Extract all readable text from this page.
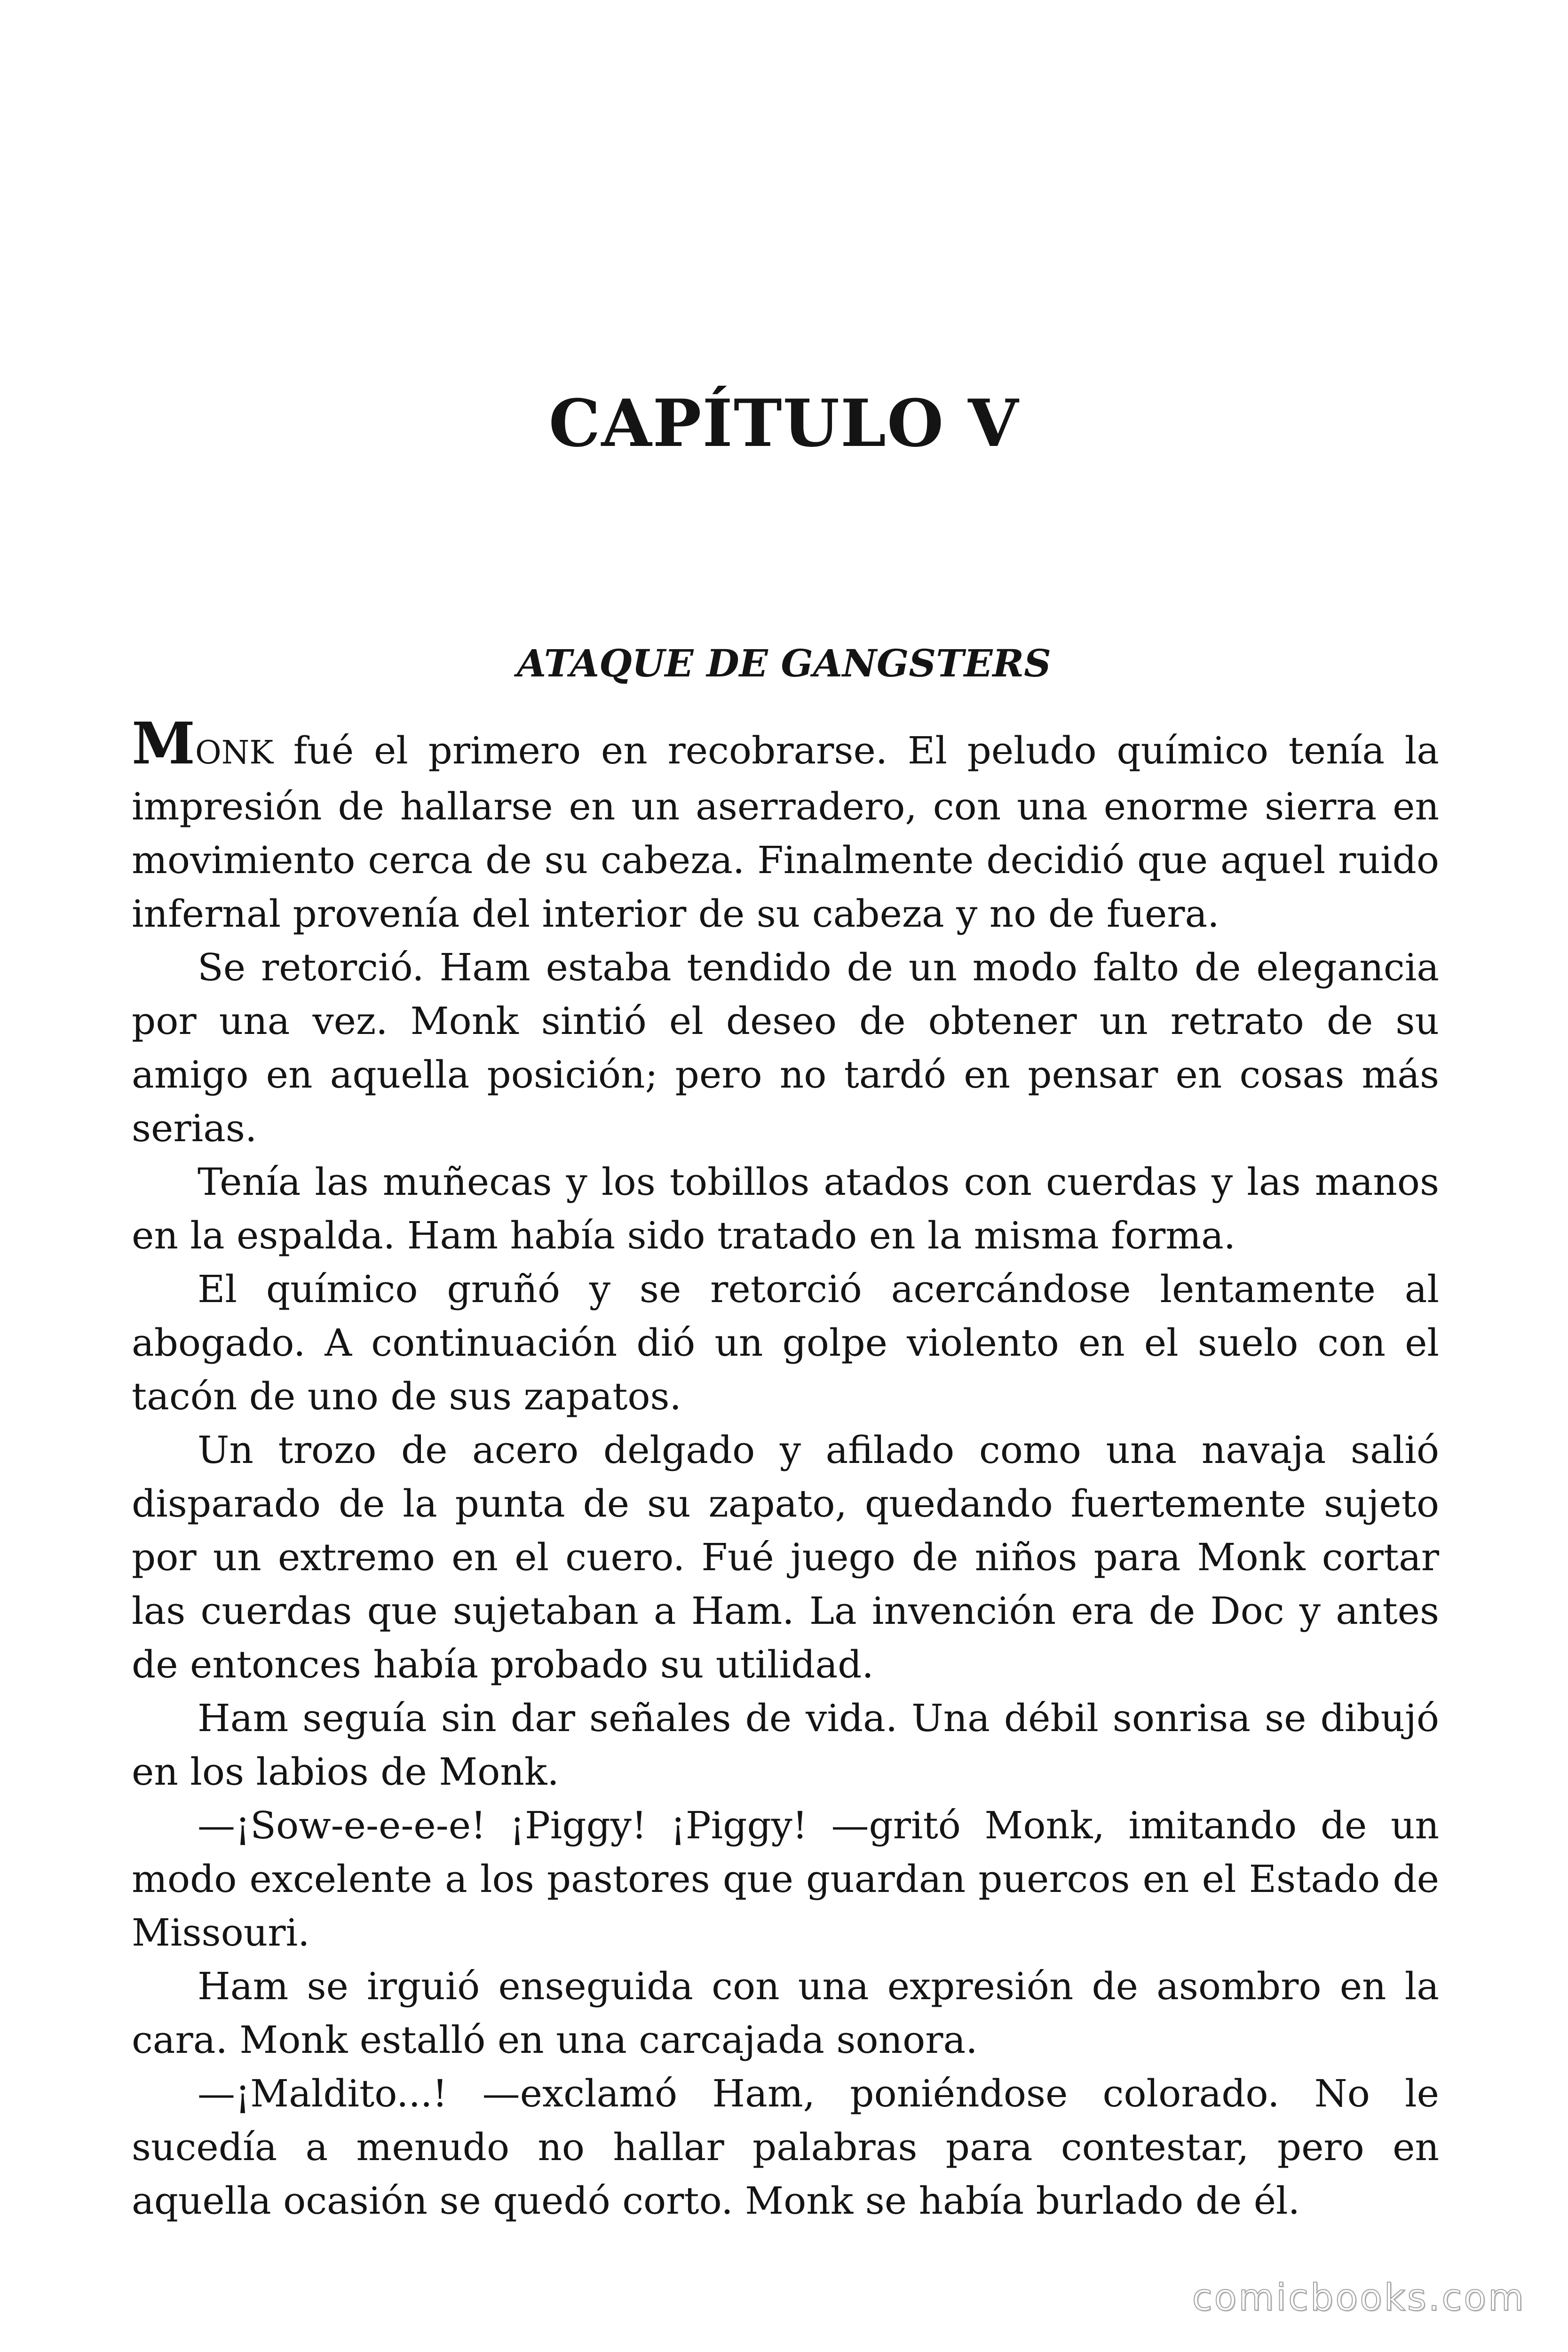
CAPÍTULO V
ATAQUE DE GANGSTERS

MONK fué el primero en recobrarse. El peludo químico tenía la impresión de hallarse en un aserradero, con una enorme sierra en movimiento cerca de su cabeza. Finalmente decidió que aquel ruido infernal provenía del interior de su cabeza y no de fuera.

Se retorció. Ham estaba tendido de un modo falto de elegancia por una vez. Monk sintió el deseo de obtener un retrato de su amigo en aquella posición; pero no tardó en pensar en cosas más serias.

Tenía las muñecas y los tobillos atados con cuerdas y las manos en la espalda. Ham había sido tratado en la misma forma.

El químico gruñó y se retorció acercándose lentamente al abogado. A continuación dió un golpe violento en el suelo con el tacón de uno de sus zapatos.

Un trozo de acero delgado y afilado como una navaja salió disparado de la punta de su zapato, quedando fuertemente sujeto por un extremo en el cuero. Fué juego de niños para Monk cortar las cuerdas que sujetaban a Ham. La invención era de Doc y antes de entonces había probado su utilidad.

Ham seguía sin dar señales de vida. Una débil sonrisa se dibujó en los labios de Monk.

—¡Sow-e-e-e-e! ¡Piggy! ¡Piggy! —gritó Monk, imitando de un modo excelente a los pastores que guardan puercos en el Estado de Missouri.

Ham se irguió enseguida con una expresión de asombro en la cara. Monk estalló en una carcajada sonora.

—¡Maldito...! —exclamó Ham, poniéndose colorado. No le sucedía a menudo no hallar palabras para contestar, pero en aquella ocasión se quedó corto. Monk se había burlado de él.

comicbooks.com
